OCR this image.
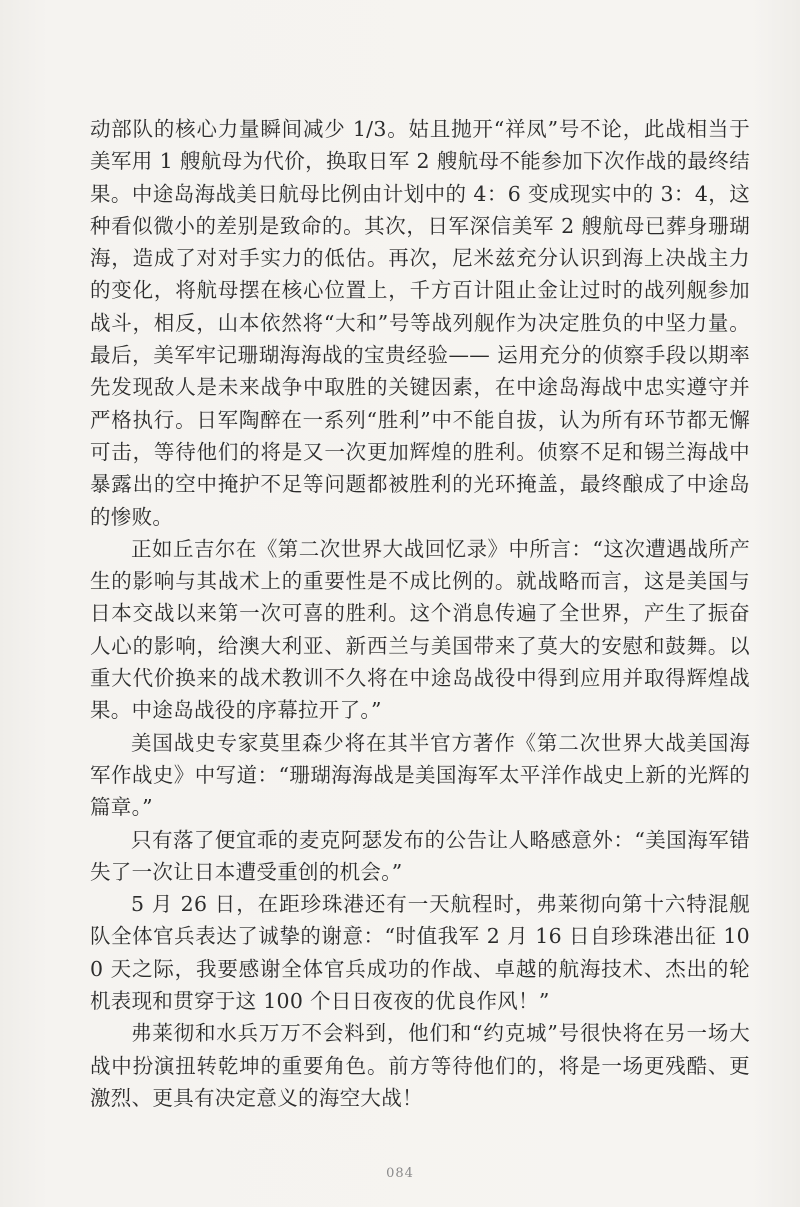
动部队的核心力量瞬间减少 1/3。姑且抛开“祥凤”号不论，此战相当于美军用 1 艘航母为代价，换取日军 2 艘航母不能参加下次作战的最终结果。中途岛海战美日航母比例由计划中的 4：6 变成现实中的 3：4，这种看似微小的差别是致命的。其次，日军深信美军 2 艘航母已葬身珊瑚海，造成了对对手实力的低估。再次，尼米兹充分认识到海上决战主力的变化，将航母摆在核心位置上，千方百计阻止金让过时的战列舰参加战斗，相反，山本依然将“大和”号等战列舰作为决定胜负的中坚力量。最后，美军牢记珊瑚海海战的宝贵经验—— 运用充分的侦察手段以期率先发现敌人是未来战争中取胜的关键因素，在中途岛海战中忠实遵守并严格执行。日军陶醉在一系列“胜利”中不能自拔，认为所有环节都无懈可击，等待他们的将是又一次更加辉煌的胜利。侦察不足和锡兰海战中暴露出的空中掩护不足等问题都被胜利的光环掩盖，最终酿成了中途岛的惨败。

正如丘吉尔在《第二次世界大战回忆录》中所言：“这次遭遇战所产生的影响与其战术上的重要性是不成比例的。就战略而言，这是美国与日本交战以来第一次可喜的胜利。这个消息传遍了全世界，产生了振奋人心的影响，给澳大利亚、新西兰与美国带来了莫大的安慰和鼓舞。以重大代价换来的战术教训不久将在中途岛战役中得到应用并取得辉煌战果。中途岛战役的序幕拉开了。”

美国战史专家莫里森少将在其半官方著作《第二次世界大战美国海军作战史》中写道：“珊瑚海海战是美国海军太平洋作战史上新的光辉的篇章。”

只有落了便宜乖的麦克阿瑟发布的公告让人略感意外：“美国海军错失了一次让日本遭受重创的机会。”

5 月 26 日，在距珍珠港还有一天航程时，弗莱彻向第十六特混舰队全体官兵表达了诚挚的谢意：“时值我军 2 月 16 日自珍珠港出征 100 天之际，我要感谢全体官兵成功的作战、卓越的航海技术、杰出的轮机表现和贯穿于这 100 个日日夜夜的优良作风！”

弗莱彻和水兵万万不会料到，他们和“约克城”号很快将在另一场大战中扮演扭转乾坤的重要角色。前方等待他们的，将是一场更残酷、更激烈、更具有决定意义的海空大战！

084
